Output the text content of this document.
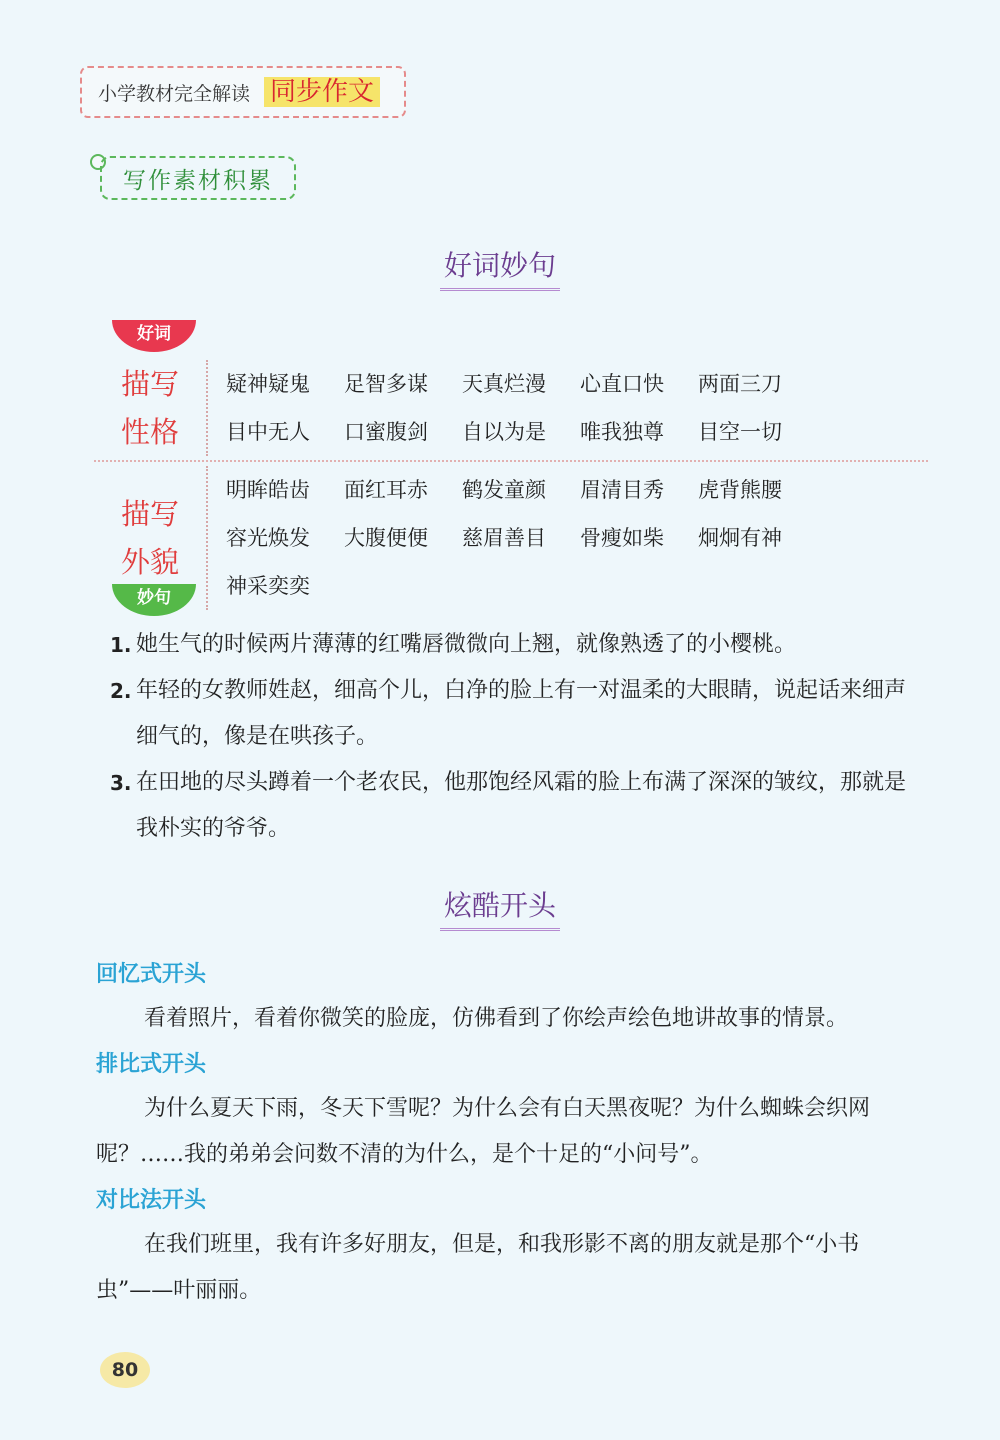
小学教材完全解读 同步作文
写作素材积累
好词妙句
好词
描写
性格
疑神疑鬼	足智多谋	天真烂漫	心直口快	两面三刀
目中无人	口蜜腹剑	自以为是	唯我独尊	目空一切
描写
外貌
明眸皓齿	面红耳赤	鹤发童颜	眉清目秀	虎背熊腰
容光焕发	大腹便便	慈眉善目	骨瘦如柴	炯炯有神
神采奕奕
妙句
1. 她生气的时候两片薄薄的红嘴唇微微向上翘，就像熟透了的小樱桃。
2. 年轻的女教师姓赵，细高个儿，白净的脸上有一对温柔的大眼睛，说起话来细声细气的，像是在哄孩子。
3. 在田地的尽头蹲着一个老农民，他那饱经风霜的脸上布满了深深的皱纹，那就是我朴实的爷爷。
炫酷开头
回忆式开头
看着照片，看着你微笑的脸庞，仿佛看到了你绘声绘色地讲故事的情景。
排比式开头
为什么夏天下雨，冬天下雪呢？为什么会有白天黑夜呢？为什么蜘蛛会织网呢？……我的弟弟会问数不清的为什么，是个十足的“小问号”。
对比法开头
在我们班里，我有许多好朋友，但是，和我形影不离的朋友就是那个“小书虫”——叶丽丽。
80
